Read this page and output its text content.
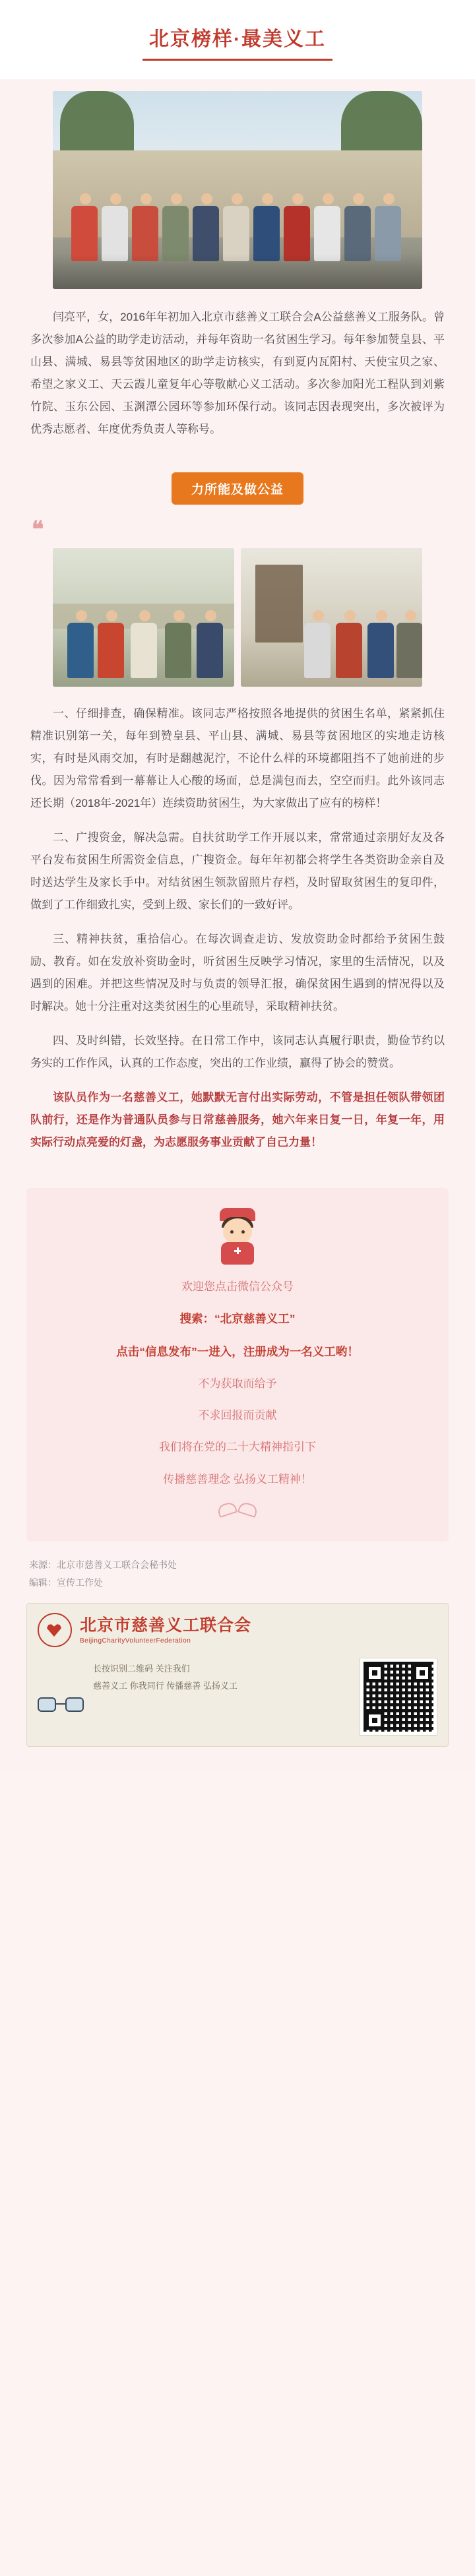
北京榜样·最美义工

闫亮平，女，2016年年初加入北京市慈善义工联合会A公益慈善义工服务队。曾多次参加A公益的助学走访活动，并每年资助一名贫困生学习。每年参加赞皇县、平山县、满城、易县等贫困地区的助学走访核实，有到夏内瓦阳村、天使宝贝之家、希望之家义工、天云霞儿童复年心等敬献心义工活动。多次参加阳光工程队到刘紫竹院、玉东公园、玉渊潭公园环等参加环保行动。该同志因表现突出，多次被评为优秀志愿者、年度优秀负责人等称号。

力所能及做公益
❝

一、仔细排查，确保精准。该同志严格按照各地提供的贫困生名单，紧紧抓住精准识别第一关，每年到赞皇县、平山县、满城、易县等贫困地区的实地走访核实，有时是风雨交加，有时是翻越泥泞，不论什么样的环境都阻挡不了她前进的步伐。因为常常看到一幕幕让人心酸的场面，总是满包而去，空空而归。此外该同志还长期（2018年-2021年）连续资助贫困生，为大家做出了应有的榜样！

二、广搜资金，解决急需。自扶贫助学工作开展以来，常常通过亲朋好友及各平台发布贫困生所需资金信息，广搜资金。每年年初都会将学生各类资助金亲自及时送达学生及家长手中。对结贫困生领款留照片存档，及时留取贫困生的复印件，做到了工作细致扎实，受到上级、家长们的一致好评。

三、精神扶贫，重拾信心。在每次调查走访、发放资助金时都给予贫困生鼓励、教育。如在发放补资助金时，听贫困生反映学习情况，家里的生活情况，以及遇到的困难。并把这些情况及时与负责的领导汇报，确保贫困生遇到的情况得以及时解决。她十分注重对这类贫困生的心里疏导，采取精神扶贫。

四、及时纠错，长效坚持。在日常工作中，该同志认真履行职责，勤俭节约以务实的工作作风，认真的工作态度，突出的工作业绩，赢得了协会的赞赏。

该队员作为一名慈善义工，她默默无言付出实际劳动，不管是担任领队带领团队前行，还是作为普通队员参与日常慈善服务，她六年来日复一日，年复一年，用实际行动点亮爱的灯盏，为志愿服务事业贡献了自己力量！

欢迎您点击微信公众号

搜索：“北京慈善义工”

点击“信息发布”一进入，注册成为一名义工哟！

不为获取而给予

不求回报而贡献

我们将在党的二十大精神指引下

传播慈善理念 弘扬义工精神！

来源：北京市慈善义工联合会秘书处
编辑：宣传工作处
北京市慈善义工联合会
BeijingCharityVolunteerFederation
长按识别二维码 关注我们
慈善义工 你我同行 传播慈善 弘扬义工
